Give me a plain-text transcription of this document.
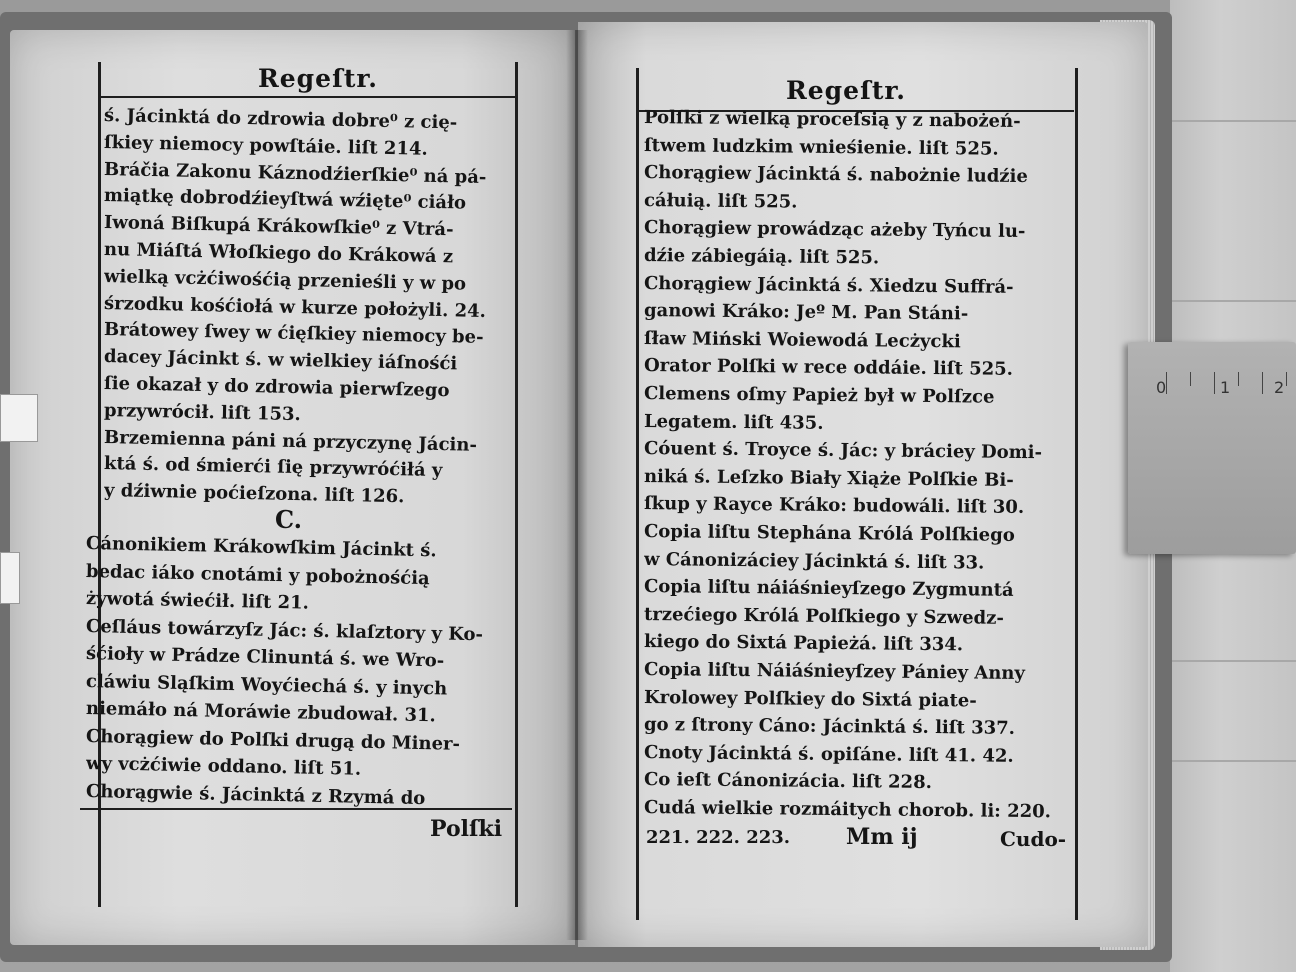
Regeſtr.
ś. Jácinktá do zdrowia dobre⁰ z cię-
ſkiey niemocy powſtáie. liſt 214.
Bráčia Zakonu Káznodźierſkie⁰ ná pá-
miątkę dobrodźieyſtwá wźięte⁰ ciáło
Iwoná Biſkupá Krákowſkie⁰ z Vtrá-
nu Miáſtá Włoſkiego do Krákowá z
wielką vcżćiwośćią przenieśli y w po
śrzodku kośćiołá w kurze położyli. 24.
Brátowey ſwey w ćięſkiey niemocy be-
dacey Jácinkt ś. w wielkiey iáſnośći
ſie okazał y do zdrowia pierwſzego
przywrócił. liſt 153.
Brzemienna páni ná przyczynę Jácin-
ktá ś. od śmierći ſię przywróćiłá y
y dźiwnie poćieſzona. liſt 126.
C.
Cánonikiem Krákowſkim Jácinkt ś.
bedac iáko cnotámi y pobożnośćią
żywotá świećił. liſt 21.
Ceſláus towárzyſz Jác: ś. klaſztory y Ko-
śćioły w Prádze Clinuntá ś. we Wro-
cláwiu Sląſkim Woyćiechá ś. y inych
niemáło ná Moráwie zbudował. 31.
Chorągiew do Polſki drugą do Miner-
wy vcżćiwie oddano. liſt 51.
Chorągwie ś. Jácinktá z Rzymá do
Polſki
Regeſtr.
Polſki z wielką proceſsią y z nabożeń-
ſtwem ludzkim wnieśienie. liſt 525.
Chorągiew Jácinktá ś. nabożnie ludźie
cáłuią. liſt 525.
Chorągiew prowádząc ażeby Tyńcu lu-
dźie zábiegáią. liſt 525.
Chorągiew Jácinktá ś. Xiedzu Suffrá-
ganowi Kráko: Jeº M. Pan Stáni-
ſław Miński Woiewodá Lecżycki
Orator Polſki w rece oddáie. liſt 525.
Clemens oſmy Papież był w Polſzce
Legatem. liſt 435.
Cóuent ś. Troyce ś. Jác: y bráciey Domi-
niká ś. Leſzko Biały Xiąże Polſkie Bi-
ſkup y Rayce Kráko: budowáli. liſt 30.
Copia liſtu Stephána Królá Polſkiego
w Cánonizáciey Jácinktá ś. liſt 33.
Copia liſtu náiáśnieyſzego Zygmuntá
trzećiego Królá Polſkiego y Szwedz-
kiego do Sixtá Papieżá. liſt 334.
Copia liſtu Náiáśnieyſzey Pániey Anny
Krolowey Polſkiey do Sixtá piate-
go z ſtrony Cáno: Jácinktá ś. liſt 337.
Cnoty Jácinktá ś. opiſáne. liſt 41. 42.
Co ieſt Cánonizácia. liſt 228.
Cudá wielkie rozmáitych chorob. li: 220.
221. 222. 223.	Mm ij	Cudo-
0	1	2
